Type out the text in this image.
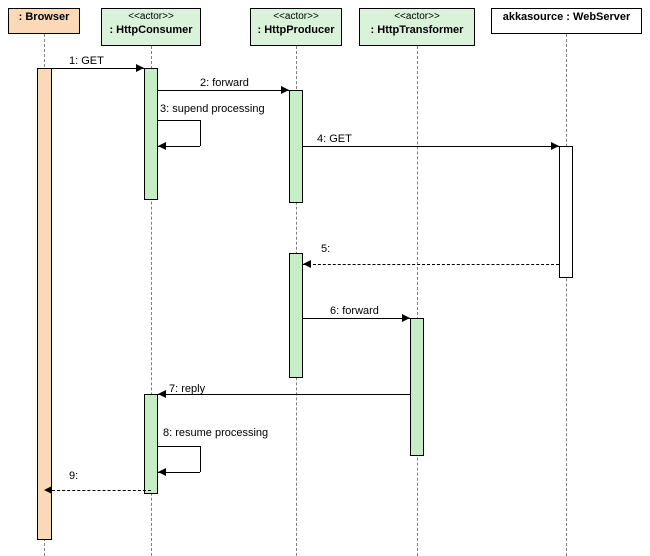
: Browser	<<actor>>
: HttpConsumer
<<actor>>
: HttpProducer
<<actor>>
: HttpTransformer
akkasource : WebServer
1: GET
2: forward
3: supend processing
4: GET
5:
6: forward
7: reply
8: resume processing
9:
